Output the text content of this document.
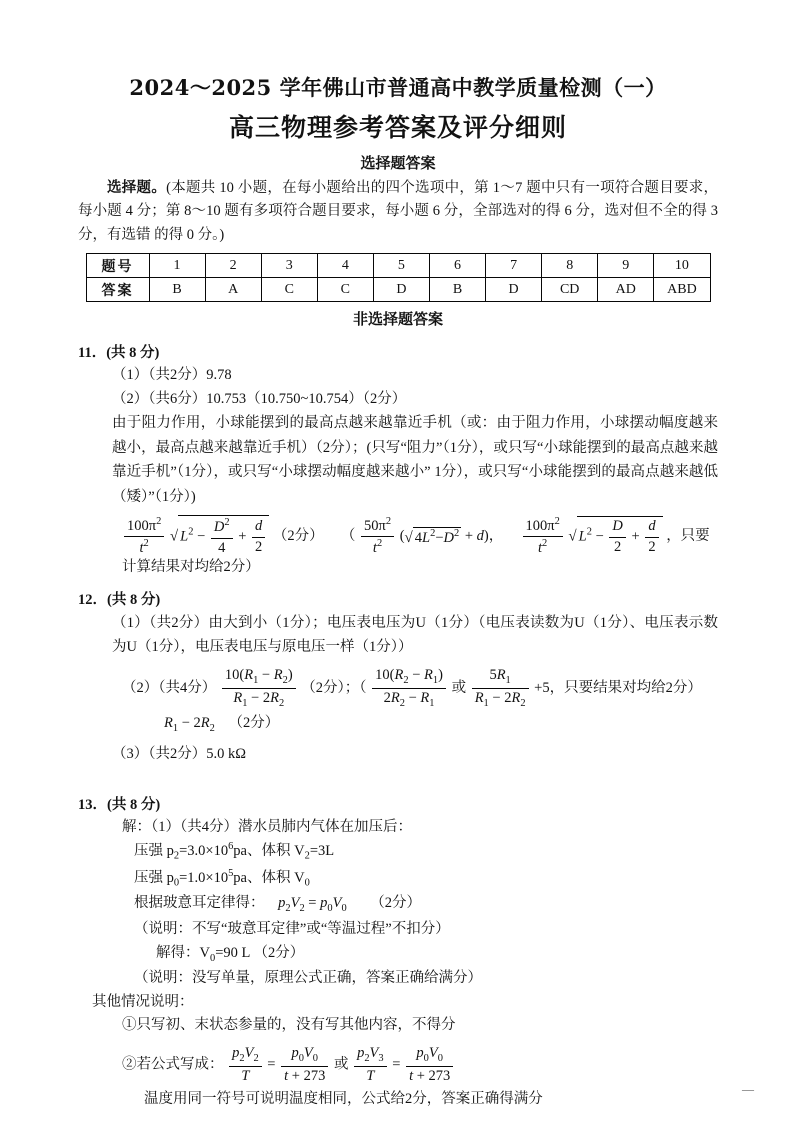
2024～2025 学年佛山市普通高中教学质量检测（一）
高三物理参考答案及评分细则
选择题答案
选择题。(本题共 10 小题，在每小题给出的四个选项中，第 1～7 题中只有一项符合题目要求，每小题 4 分；第 8～10 题有多项符合题目要求，每小题 6 分，全部选对的得 6 分，选对但不全的得 3 分，有选错 的得 0 分。)
题号	1	2	3	4	5	6	7	8	9	10
答案	B	A	C	C	D	B	D	CD	AD	ABD
非选择题答案
11．(共 8 分)
（1）（共2分）9.78
（2）（共6分）10.753（10.750~10.754）（2分）
由于阻力作用，小球能摆到的最高点越来越靠近手机（或：由于阻力作用，小球摆动幅度越来越小，最高点越来越靠近手机）（2分）；(只写“阻力”（1分），或只写“小球能摆到的最高点越来越靠近手机”（1分），或只写“小球摆动幅度越来越小” 1分），或只写“小球能摆到的最高点越来越低（矮）”（1分）)
$\frac{100\pi^2}{t^2}$ √ $L^2 - \frac{D^2}{4} + \frac{d}{2} (2$分）  （ $\frac{50\pi^2}{t^2}$ (√ $4L^2-D^2 + d$)， $\frac{100\pi^2}{t^2}$ √ $L^2 - \frac{D}{2} + \frac{d}{2}$ ，只要计算结果对均给2分）
12．(共 8 分)
（1）（共2分）由大到小（1分）；电压表电压为U（1分）（电压表读数为U（1分）、电压表示数为U（1分），电压表电压与原电压一样（1分））
（2）（共4分） $\frac{10(R_1 - R_2)}{R_1 - 2R_2} (2$分）；（ $\frac{10(R_2 - R_1)}{2R_2 - R_1}$ 或 $\frac{5R_1}{R_1 - 2R_2} +5$，只要结果对均给2分）
$R_1 - 2R_2$ （2分）
（3）（共2分）5.0 kΩ
13．(共 8 分)
解：（1）（共4分）潜水员肺内气体在加压后：
压强 $p_2=3.0\times 10^6pa$、体积 $V_2=3L$
压强 $p_0=1.0\times 10^5pa$、体积 $V_0$
根据玻意耳定律得： $p_2V_2 = p_0V_0$ （2分）
（说明：不写“玻意耳定律”或“等温过程”不扣分）
解得：$V_0=90$ L （2分）
（说明：没写单量，原理公式正确，答案正确给满分）
其他情况说明：
①只写初、末状态参量的，没有写其他内容，不得分
②若公式写成： $\frac{p_2V_2}{T} = \frac{p_0V_0}{t + 273}$ 或 $\frac{p_2V_3}{T} = \frac{p_0V_0}{t + 273}$
温度用同一符号可说明温度相同，公式给2分，答案正确得满分
—
